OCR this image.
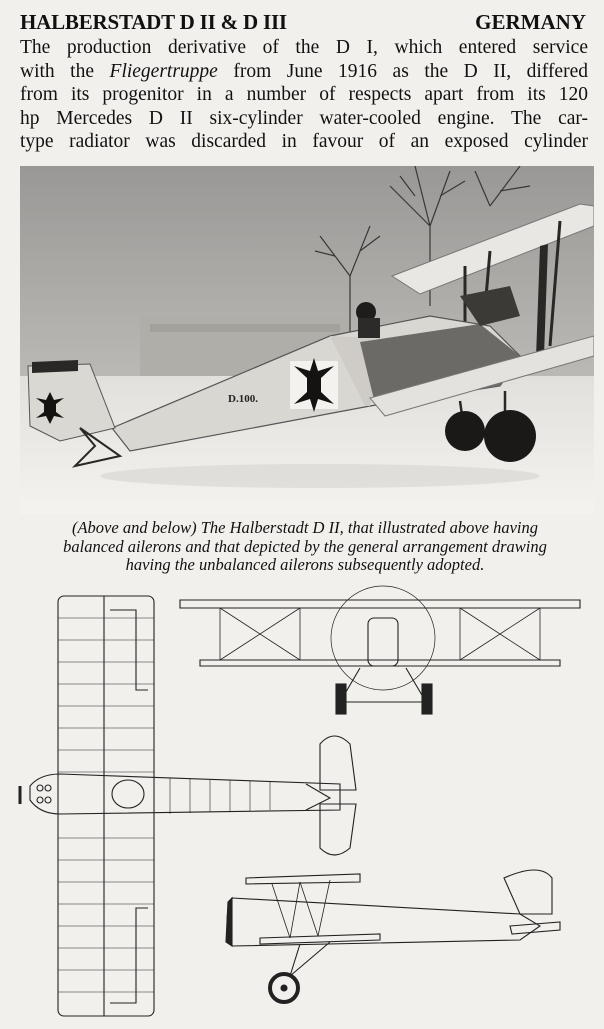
HALBERSTADT D II & D III	GERMANY
The production derivative of the D I, which entered service
with the Fliegertruppe from June 1916 as the D II, differed
from its progenitor in a number of respects apart from its 120
hp Mercedes D II six-cylinder water-cooled engine. The car-
type radiator was discarded in favour of an exposed cylinder
D.100.
(Above and below) The Halberstadt D II, that illustrated above having
balanced ailerons and that depicted by the general arrangement drawing
having the unbalanced ailerons subsequently adopted.
